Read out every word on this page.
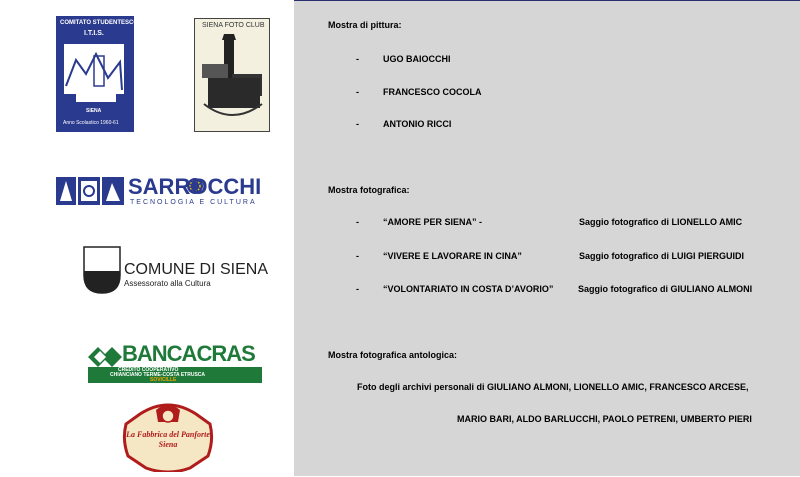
COMITATO STUDENTESCO
I.T.I.S.
SIENA
Anno Scolastico 1960-61
SIENA FOTO CLUB
SARROCCHI
TECNOLOGIA E CULTURA
COMUNE DI SIENA
Assessorato alla Cultura
BANCACRAS
CREDITO COOPERATIVO
CHIANCIANO TERME-COSTA ETRUSCA
SOVICILLE
La Fabbrica del Panforte Siena
Mostra di pittura:
-	UGO BAIOCCHI
-	FRANCESCO COCOLA
-	ANTONIO RICCI
Mostra fotografica:
-	“AMORE PER SIENA” -	Saggio fotografico di LIONELLO AMIC
-	“VIVERE E LAVORARE IN CINA”	Saggio fotografico di LUIGI PIERGUIDI
-	“VOLONTARIATO IN COSTA D’AVORIO”	Saggio fotografico di GIULIANO ALMONI
Mostra fotografica antologica:
Foto degli archivi personali di GIULIANO ALMONI, LIONELLO AMIC, FRANCESCO ARCESE,
MARIO BARI, ALDO BARLUCCHI, PAOLO PETRENI, UMBERTO PIERI
